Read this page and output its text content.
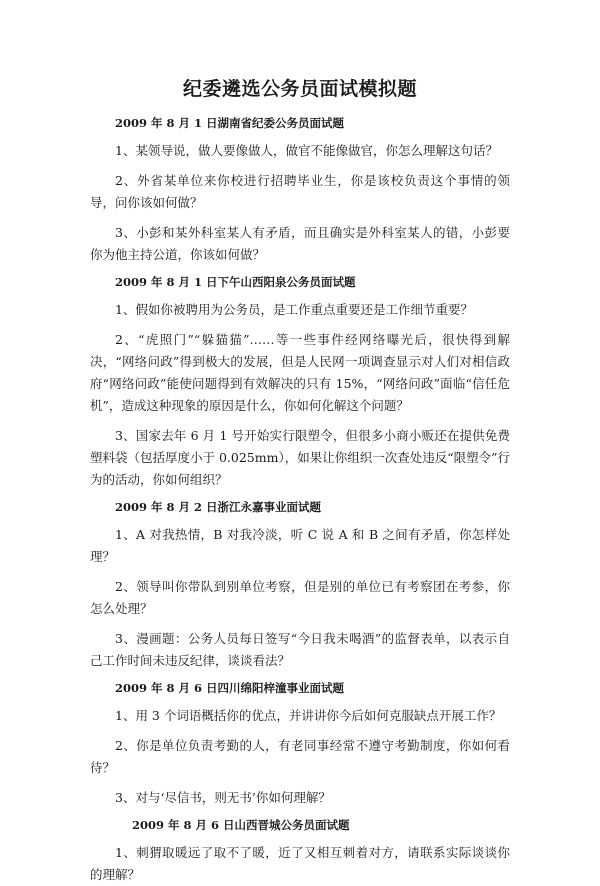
纪委遴选公务员面试模拟题
2009 年 8 月 1 日湖南省纪委公务员面试题

1、某领导说，做人要像做人，做官不能像做官，你怎么理解这句话？

2、外省某单位来你校进行招聘毕业生，你是该校负责这个事情的领导，问你该如何做？

3、小彭和某外科室某人有矛盾，而且确实是外科室某人的错，小彭要你为他主持公道，你该如何做？

2009 年 8 月 1 日下午山西阳泉公务员面试题

1、假如你被聘用为公务员，是工作重点重要还是工作细节重要？

2、“虎照门”“躲猫猫”……等一些事件经网络曝光后，很快得到解决，“网络问政”得到极大的发展，但是人民网一项调查显示对人们对相信政府“网络问政”能使问题得到有效解决的只有 15%，“网络问政”面临“信任危机”，造成这种现象的原因是什么，你如何化解这个问题？

3、国家去年 6 月 1 号开始实行限塑令，但很多小商小贩还在提供免费塑料袋（包括厚度小于 0.025mm），如果让你组织一次查处违反“限塑令”行为的活动，你如何组织？

2009 年 8 月 2 日浙江永嘉事业面试题

1、A 对我热情，B 对我冷淡，听 C 说 A 和 B 之间有矛盾，你怎样处理？

2、领导叫你带队到别单位考察，但是别的单位已有考察团在考参，你怎么处理？

3、漫画题：公务人员每日签写“今日我未喝酒”的监督表单，以表示自己工作时间未违反纪律，谈谈看法？

2009 年 8 月 6 日四川绵阳梓潼事业面试题

1、用 3 个词语概括你的优点，并讲讲你今后如何克服缺点开展工作？

2、你是单位负责考勤的人，有老同事经常不遵守考勤制度，你如何看待？

3、对与‘尽信书，则无书’你如何理解？

2009 年 8 月 6 日山西晋城公务员面试题

1、刺猬取暖远了取不了暖，近了又相互刺着对方，请联系实际谈谈你的理解？
